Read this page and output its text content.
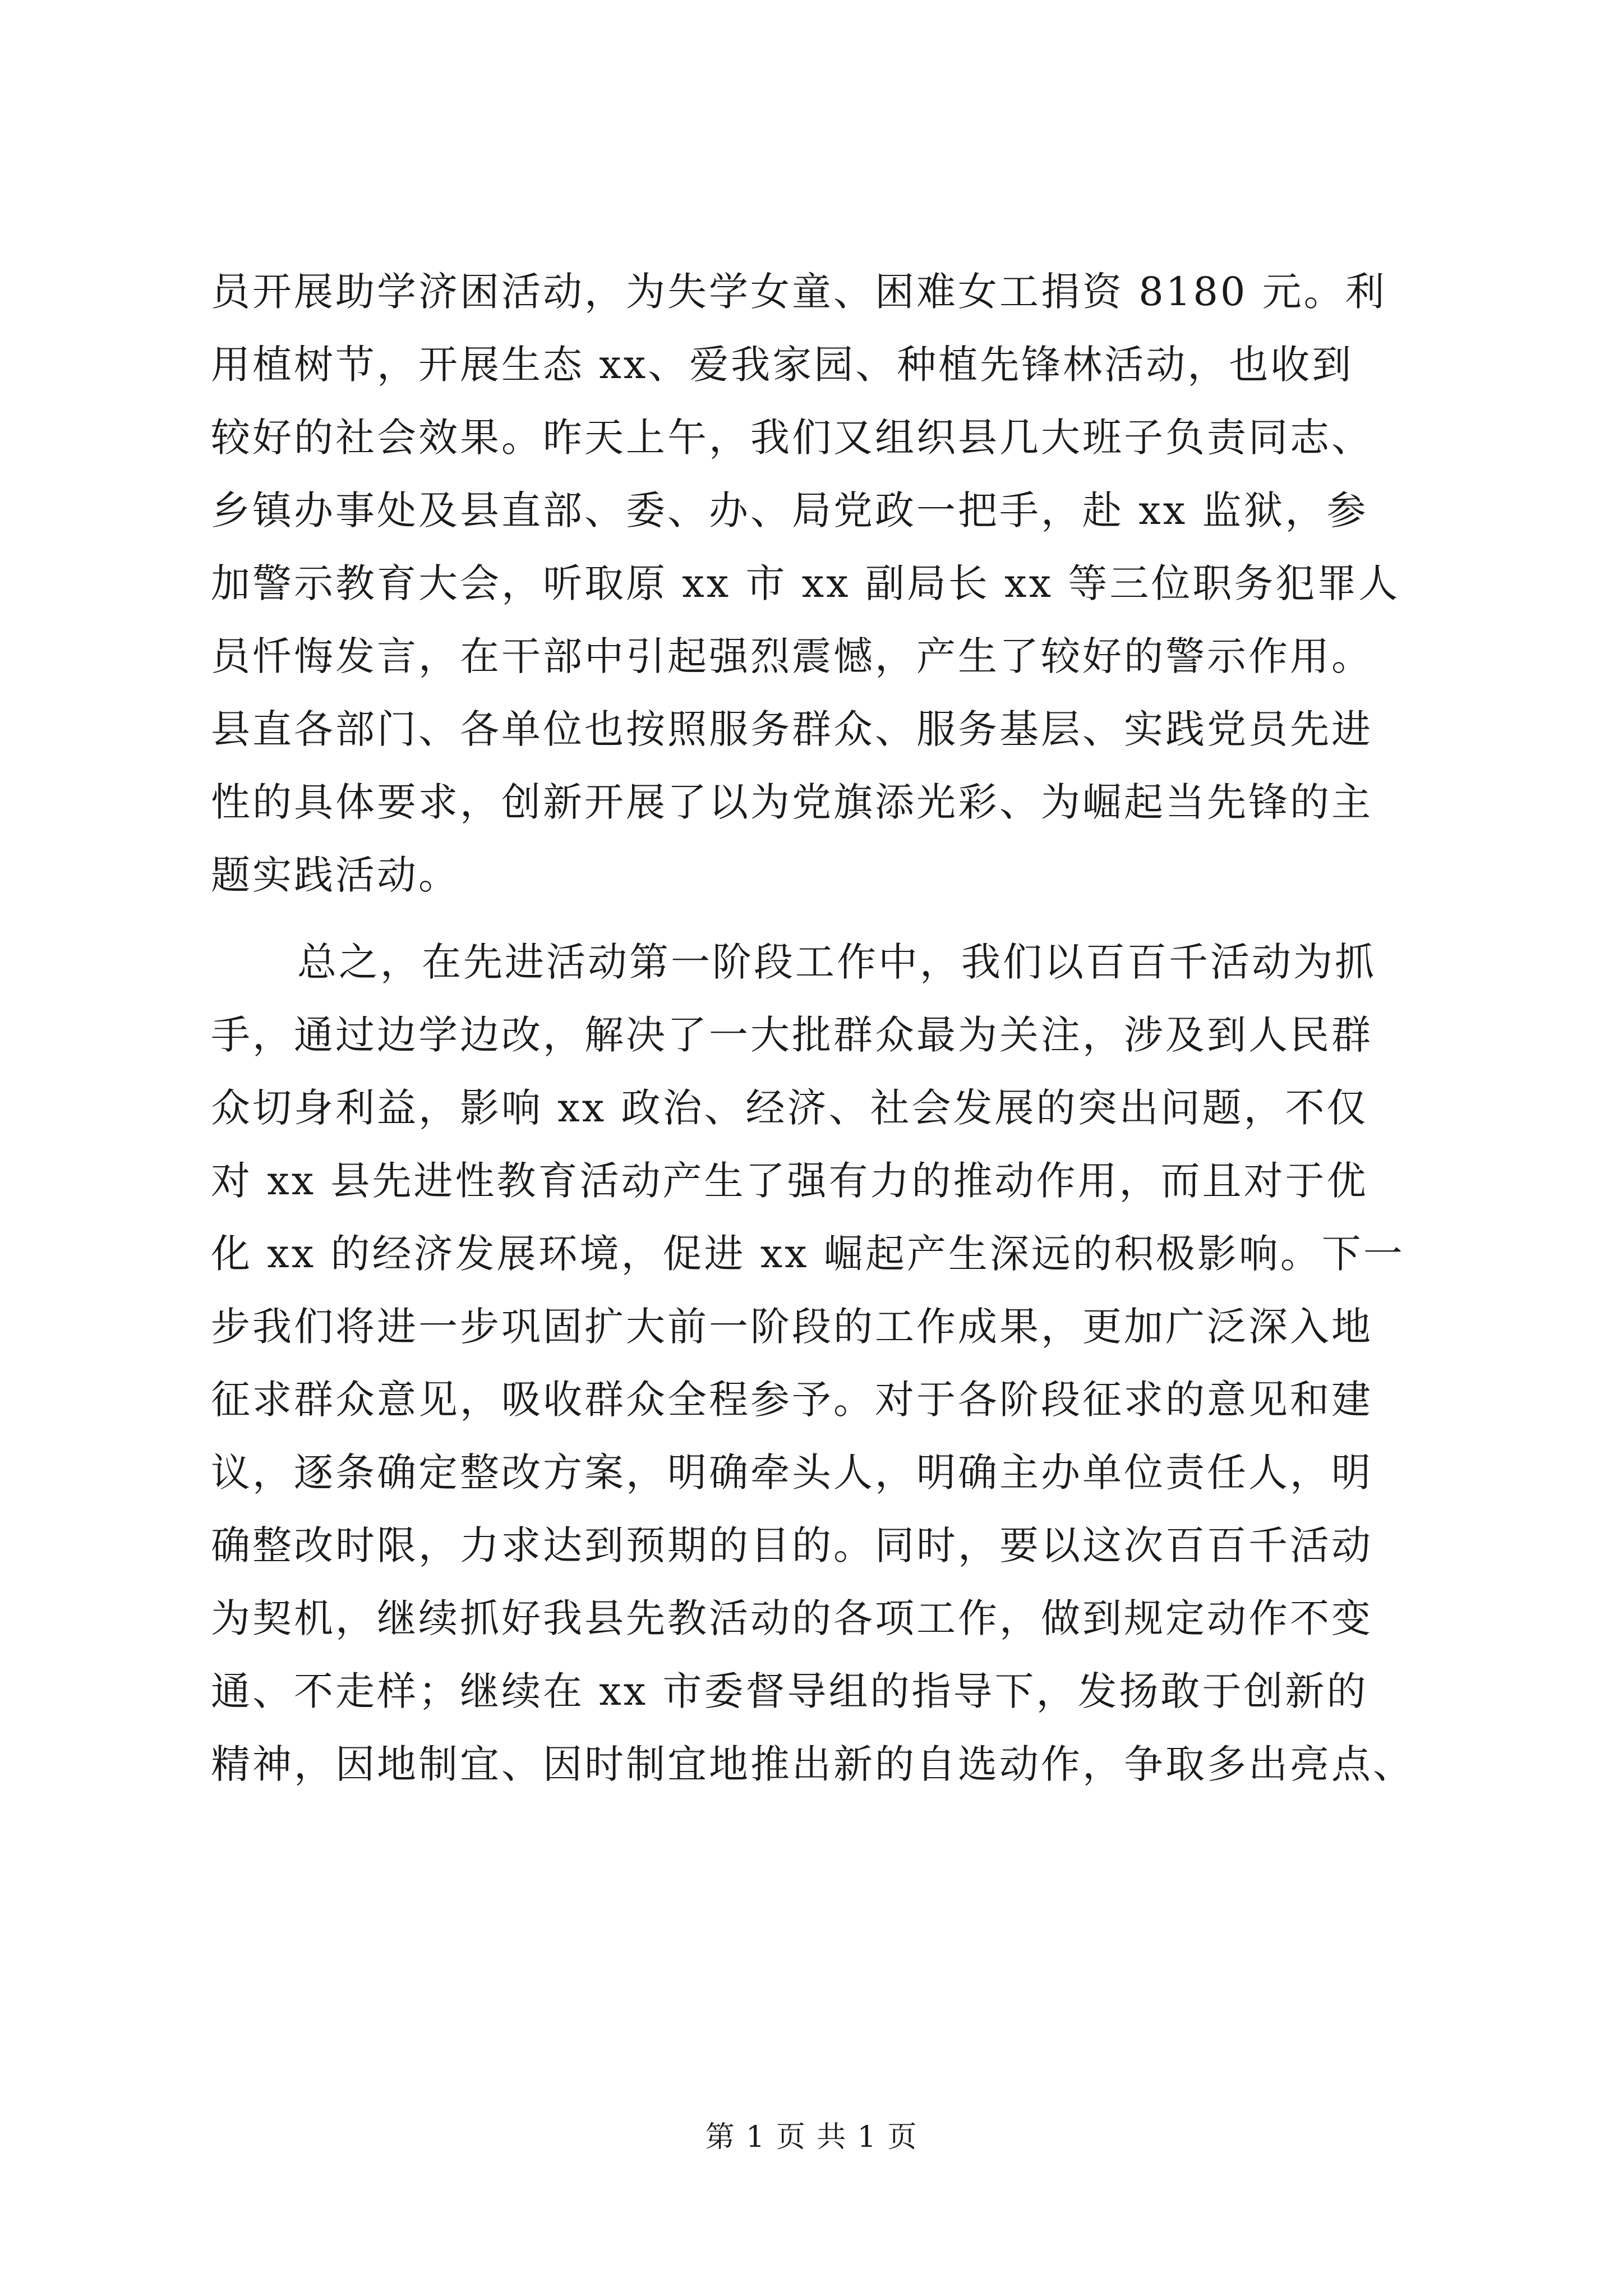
员开展助学济困活动，为失学女童、困难女工捐资 8180 元。利
用植树节，开展生态 xx、爱我家园、种植先锋林活动，也收到
较好的社会效果。昨天上午，我们又组织县几大班子负责同志、
乡镇办事处及县直部、委、办、局党政一把手，赴 xx 监狱，参
加警示教育大会，听取原 xx 市 xx 副局长 xx 等三位职务犯罪人
员忏悔发言，在干部中引起强烈震憾，产生了较好的警示作用。
县直各部门、各单位也按照服务群众、服务基层、实践党员先进
性的具体要求，创新开展了以为党旗添光彩、为崛起当先锋的主
题实践活动。
总之，在先进活动第一阶段工作中，我们以百百千活动为抓
手，通过边学边改，解决了一大批群众最为关注，涉及到人民群
众切身利益，影响 xx 政治、经济、社会发展的突出问题，不仅
对 xx 县先进性教育活动产生了强有力的推动作用，而且对于优
化 xx 的经济发展环境，促进 xx 崛起产生深远的积极影响。下一
步我们将进一步巩固扩大前一阶段的工作成果，更加广泛深入地
征求群众意见，吸收群众全程参予。对于各阶段征求的意见和建
议，逐条确定整改方案，明确牵头人，明确主办单位责任人，明
确整改时限，力求达到预期的目的。同时，要以这次百百千活动
为契机，继续抓好我县先教活动的各项工作，做到规定动作不变
通、不走样；继续在 xx 市委督导组的指导下，发扬敢于创新的
精神，因地制宜、因时制宜地推出新的自选动作，争取多出亮点、
第 1 页 共 1 页
